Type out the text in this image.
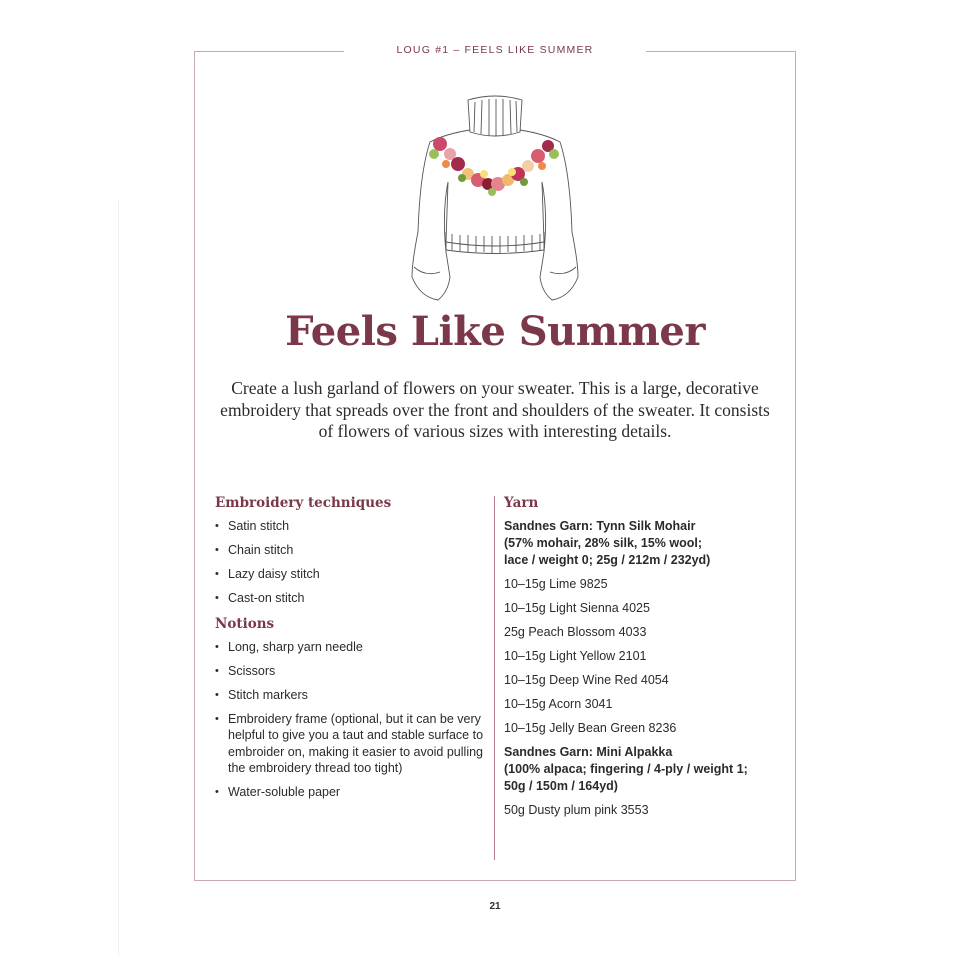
LOUG #1 – FEELS LIKE SUMMER
Feels Like Summer
Create a lush garland of flowers on your sweater. This is a large, decorative embroidery that spreads over the front and shoulders of the sweater. It consists of flowers of various sizes with interesting details.
Embroidery techniques
• Satin stitch
• Chain stitch
• Lazy daisy stitch
• Cast-on stitch
Notions
• Long, sharp yarn needle
• Scissors
• Stitch markers
• Embroidery frame (optional, but it can be very helpful to give you a taut and stable surface to embroider on, making it easier to avoid pulling the embroidery thread too tight)
• Water-soluble paper
Yarn
Sandnes Garn: Tynn Silk Mohair
(57% mohair, 28% silk, 15% wool;
lace / weight 0; 25g / 212m / 232yd)
10–15g Lime 9825
10–15g Light Sienna 4025
25g Peach Blossom 4033
10–15g Light Yellow 2101
10–15g Deep Wine Red 4054
10–15g Acorn 3041
10–15g Jelly Bean Green 8236
Sandnes Garn: Mini Alpakka
(100% alpaca; fingering / 4-ply / weight 1;
50g / 150m / 164yd)
50g Dusty plum pink 3553
21
